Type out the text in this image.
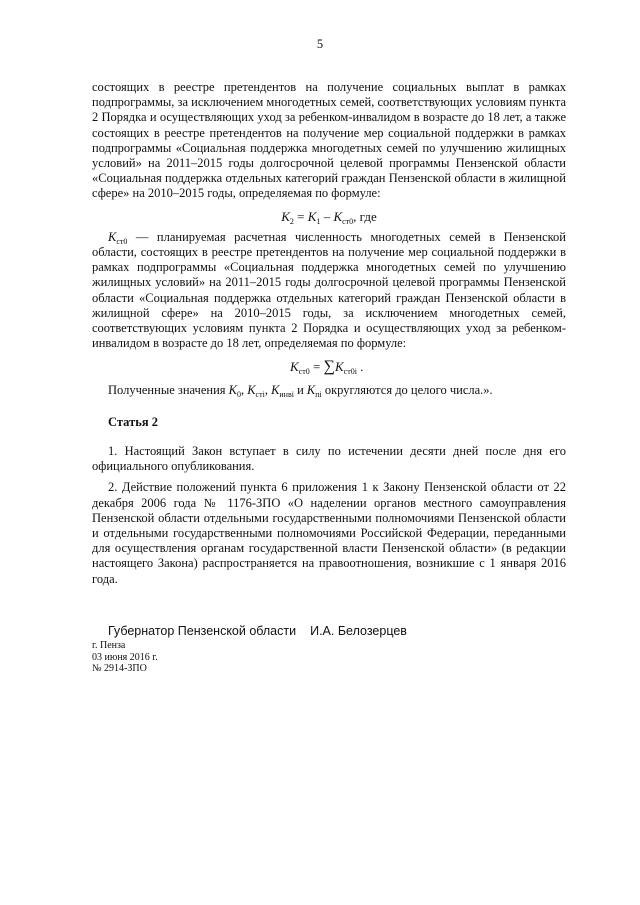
5

состоящих в реестре претендентов на получение социальных выплат в рамках подпрограммы, за исключением многодетных семей, соответствующих условиям пункта 2 Порядка и осуществляющих уход за ребенком-инвалидом в возрасте до 18 лет, а также состоящих в реестре претендентов на получение мер социальной поддержки в рамках подпрограммы «Социальная поддержка многодетных семей по улучшению жилищных условий» на 2011–2015 годы долгосрочной целевой программы Пензенской области «Социальная поддержка отдельных категорий граждан Пензенской области в жилищной сфере» на 2010–2015 годы, определяемая по формуле:

$K_2 = K_1 - K_{ст0}$, где

$K_{ст0}$ — планируемая расчетная численность многодетных семей в Пензенской области, состоящих в реестре претендентов на получение мер социальной поддержки в рамках подпрограммы «Социальная поддержка многодетных семей по улучшению жилищных условий» на 2011–2015 годы долгосрочной целевой программы Пензенской области «Социальная поддержка отдельных категорий граждан Пензенской области в жилищной сфере» на 2010–2015 годы, за исключением многодетных семей, соответствующих условиям пункта 2 Порядка и осуществляющих уход за ребенком-инвалидом в возрасте до 18 лет, определяемая по формуле:

$K_{ст0} = \sum K_{ст0i}$ .

Полученные значения $К_0$, $К_{стi}$, $К_{инвi}$ и $К_{пi}$ округляются до целого числа.».

Статья 2

1. Настоящий Закон вступает в силу по истечении десяти дней после дня его официального опубликования.

2. Действие положений пункта 6 приложения 1 к Закону Пензенской области от 22 декабря 2006 года № 1176-ЗПО «О наделении органов местного самоуправления Пензенской области отдельными государственными полномочиями Пензенской области и отдельными государственными полномочиями Российской Федерации, переданными для осуществления органам государственной власти Пензенской области» (в редакции настоящего Закона) распространяется на правоотношения, возникшие с 1 января 2016 года.

Губернатор Пензенской области И.А. Белозерцев
г. Пенза
03 июня 2016 г.
№ 2914-ЗПО
